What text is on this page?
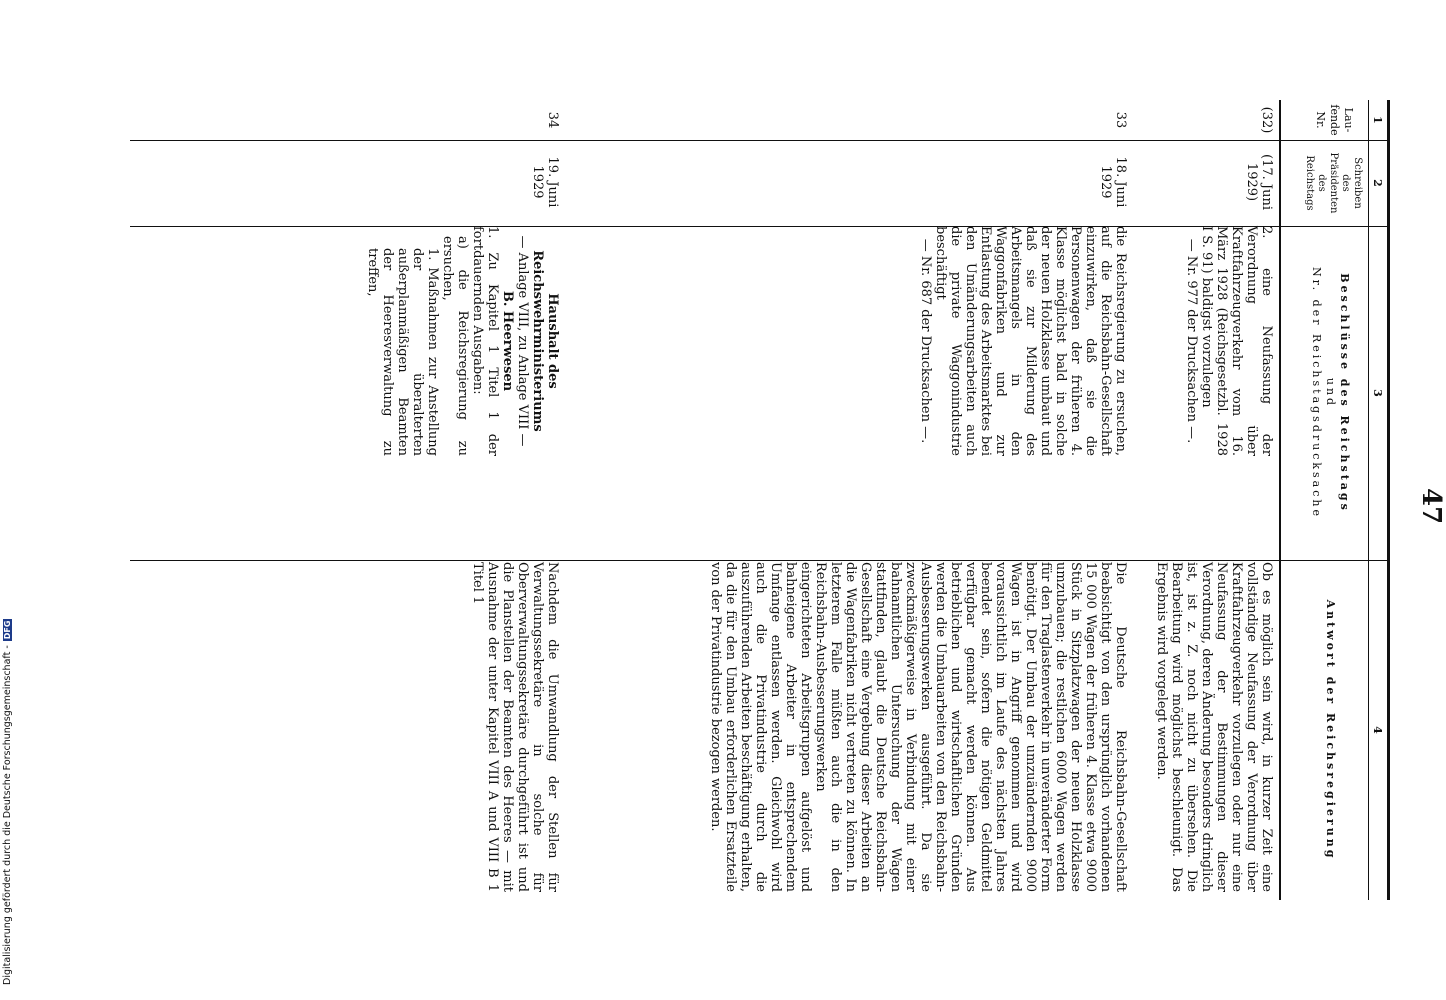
Digitalisierung gefördert durch die Deutsche Forschungsgemeinschaft -DFG
47
1
2
3
4
Lau-
fende
Nr.
Schreiben
des
Präsidenten
des
Reichstags
Beschlüsse des Reichstags
und
Nr. der Reichstagsdrucksache
Antwort der Reichsregierung
(32)
(17. Juni 1929)

2. eine Neufassung der Verordnung über Kraftfahrzeugverkehr vom 16. März 1928 (Reichsgesetzbl. 1928 I S. 91) baldigst vorzulegen

— Nr. 977 der Drucksachen —.

Ob es möglich sein wird, in kurzer Zeit eine vollständige Neufassung der Verordnung über Kraftfahrzeugverkehr vorzulegen oder nur eine Neufassung der Bestimmungen dieser Verordnung, deren Änderung besonders dringlich ist, ist z. Z. noch nicht zu übersehen. Die Bearbeitung wird möglichst beschleunigt. Das Ergebnis wird vorgelegt werden.
33
18. Juni 1929

die Reichsregierung zu ersuchen, auf die Reichsbahn-Gesellschaft einzuwirken, daß sie die Personenwagen der früheren 4. Klasse möglichst bald in solche der neuen Holzklasse umbaut und daß sie zur Milderung des Arbeitsmangels in den Waggonfabriken und zur Entlastung des Arbeitsmarktes bei den Umänderungsarbeiten auch die private Waggonindustrie beschäftigt

— Nr. 687 der Drucksachen —.

Die Deutsche Reichsbahn-Gesellschaft beabsichtigt von den ursprünglich vorhandenen 15 000 Wagen der früheren 4. Klasse etwa 9000 Stück in Sitzplatzwagen der neuen Holzklasse umzubauen; die restlichen 6000 Wagen werden für den Traglastenverkehr in unveränderter Form benötigt. Der Umbau der umzuändernden 9000 Wagen ist in Angriff genommen und wird voraussichtlich im Laufe des nächsten Jahres beendet sein, sofern die nötigen Geldmittel verfügbar gemacht werden können. Aus betrieblichen und wirtschaftlichen Gründen werden die Umbauarbeiten von den Reichsbahn-Ausbesserungswerken ausgeführt. Da sie zweckmäßigerweise in Verbindung mit einer bahnamtlichen Untersuchung der Wagen stattfinden, glaubt die Deutsche Reichsbahn-Gesellschaft eine Vergebung dieser Arbeiten an die Wagenfabriken nicht vertreten zu können. In letzterem Falle müßten auch die in den Reichsbahn-Ausbesserungswerken eingerichteten Arbeitsgruppen aufgelöst und bahneigene Arbeiter in entsprechendem Umfange entlassen werden. Gleichwohl wird auch die Privatindustrie durch die auszuführenden Arbeiten beschäftigung erhalten, da die für den Umbau erforderlichen Ersatzteile von der Privatindustrie bezogen werden.
34
19. Juni 1929

Haushalt des Reichswehrministeriums

— Anlage VIII, zu Anlage VIII —

B. Heerwesen

1. Zu Kapitel 1 Titel 1 der fortdauernden Ausgaben:

a) die Reichsregierung zu ersuchen,

1. Maßnahmen zur Anstellung der überalterten außerplanmäßigen Beamten der Heeresverwaltung zu treffen,

Nachdem die Umwandlung der Stellen für Verwaltungssekretäre in solche für Oberverwaltungssekretäre durchgeführt ist und die Planstellen der Beamten des Heeres — mit Ausnahme der unter Kapitel VIII A und VIII B 1 Titel 1
